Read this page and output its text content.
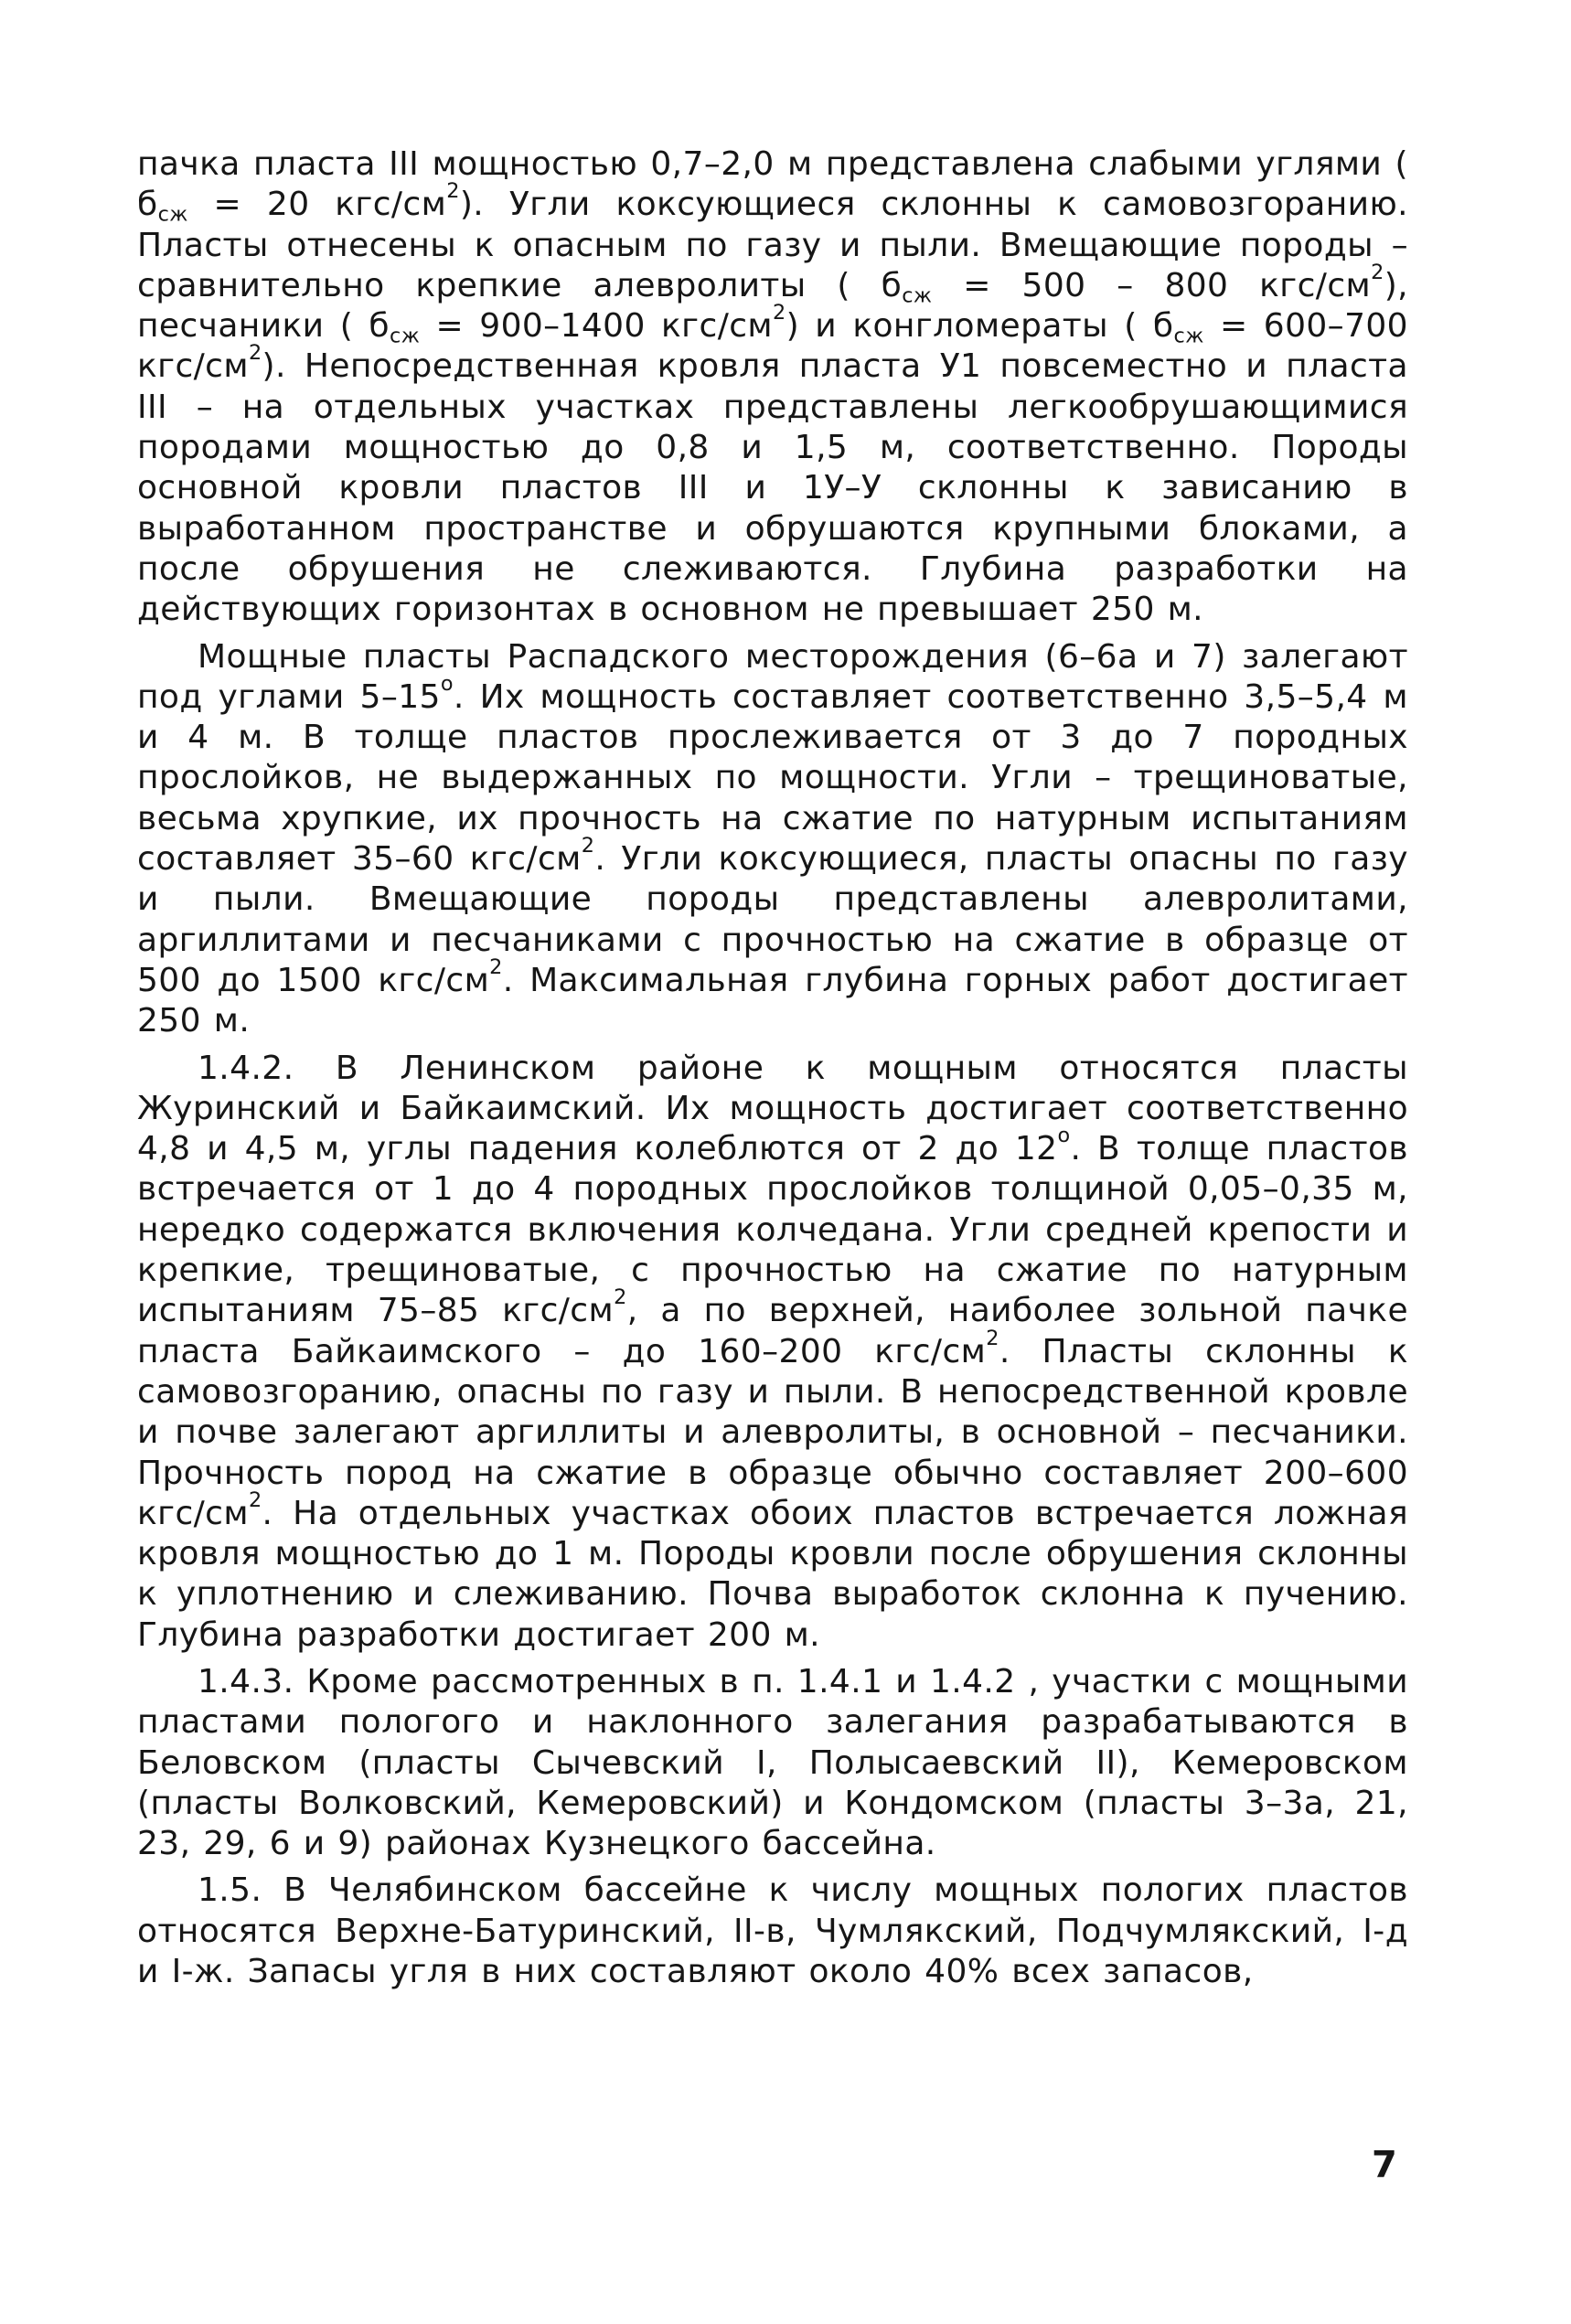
пачка пласта III мощностью 0,7–2,0 м представлена слабыми углями ( $б_{сж} = 20$ кгс/$см^2$). Угли коксующиеся склонны к самовозгоранию. Пласты отнесены к опасным по газу и пыли. Вмещающие породы – сравнительно крепкие алевролиты ( $б_{сж} = 500 - 800$ кгс/$см^2$), песчаники ( $б_{сж} = 900-1400$ кгс/$см^2$) и конгломераты ( $б_{сж} = 600-700$ кгс/$см^2$). Непосредственная кровля пласта У1 повсеместно и пласта III – на отдельных участках представлены легкообрушающимися породами мощностью до 0,8 и 1,5 м, соответственно. Породы основной кровли пластов III и 1У–У склонны к зависанию в выработанном пространстве и обрушаются крупными блоками, а после обрушения не слеживаются. Глубина разработки на действующих горизонтах в основном не превышает 250 м.

Мощные пласты Распадского месторождения (6–6а и 7) залегают под углами $5-15^о$. Их мощность составляет соответственно 3,5–5,4 м и 4 м. В толще пластов прослеживается от 3 до 7 породных прослойков, не выдержанных по мощности. Угли – трещиноватые, весьма хрупкие, их прочность на сжатие по натурным испытаниям составляет 35–60 кгс/$см^2$. Угли коксующиеся, пласты опасны по газу и пыли. Вмещающие породы представлены алевролитами, аргиллитами и песчаниками с прочностью на сжатие в образце от 500 до 1500 кгс/$см^2$. Максимальная глубина горных работ достигает 250 м.

1.4.2. В Ленинском районе к мощным относятся пласты Журинский и Байкаимский. Их мощность достигает соответственно 4,8 и 4,5 м, углы падения колеблются от 2 до $12^о$. В толще пластов встречается от 1 до 4 породных прослойков толщиной 0,05–0,35 м, нередко содержатся включения колчедана. Угли средней крепости и крепкие, трещиноватые, с прочностью на сжатие по натурным испытаниям 75–85 кгс/$см^2$, а по верхней, наиболее зольной пачке пласта Байкаимского – до 160–200 кгс/$см^2$. Пласты склонны к самовозгоранию, опасны по газу и пыли. В непосредственной кровле и почве залегают аргиллиты и алевролиты, в основной – песчаники. Прочность пород на сжатие в образце обычно составляет 200–600 кгс/$см^2$. На отдельных участках обоих пластов встречается ложная кровля мощностью до 1 м. Породы кровли после обрушения склонны к уплотнению и слеживанию. Почва выработок склонна к пучению. Глубина разработки достигает 200 м.

1.4.3. Кроме рассмотренных в п. 1.4.1 и 1.4.2 , участки с мощными пластами пологого и наклонного залегания разрабатываются в Беловском (пласты Сычевский I, Полысаевский II), Кемеровском (пласты Волковский, Кемеровский) и Кондомском (пласты 3–3а, 21, 23, 29, 6 и 9) районах Кузнецкого бассейна.

1.5. В Челябинском бассейне к числу мощных пологих пластов относятся Верхне-Батуринский, II-в, Чумлякский, Подчумлякский, I-д и I-ж. Запасы угля в них составляют около 40% всех запасов,

7
